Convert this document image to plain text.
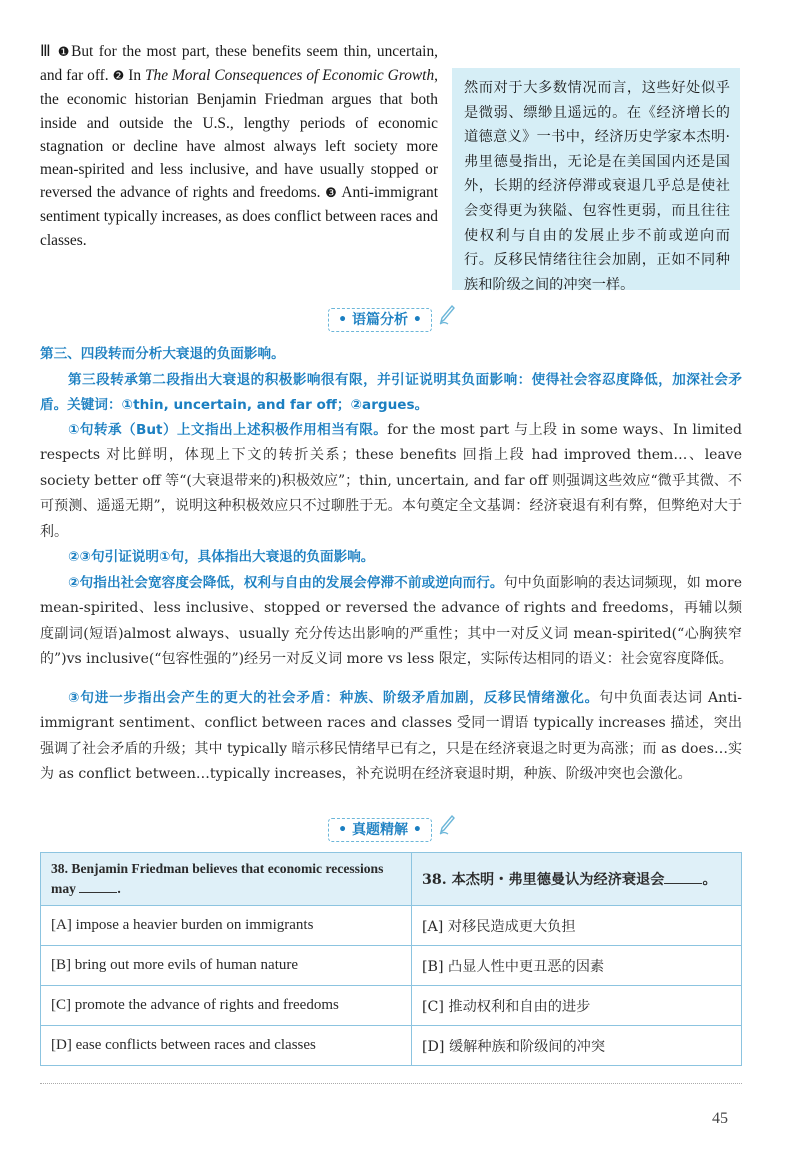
Ⅲ ❶But for the most part, these benefits seem thin, uncertain, and far off. ❷ In The Moral Consequences of Economic Growth, the economic historian Benjamin Friedman argues that both inside and outside the U.S., lengthy periods of economic stagnation or decline have almost always left society more mean-spirited and less inclusive, and have usually stopped or reversed the advance of rights and freedoms. ❸ Anti-immigrant sentiment typically increases, as does conflict between races and classes.
然而对于大多数情况而言，这些好处似乎是微弱、缥缈且遥远的。在《经济增长的道德意义》一书中，经济历史学家本杰明·弗里德曼指出，无论是在美国国内还是国外，长期的经济停滞或衰退几乎总是使社会变得更为狭隘、包容性更弱，而且往往使权利与自由的发展止步不前或逆向而行。反移民情绪往往会加剧，正如不同种族和阶级之间的冲突一样。
• 语篇分析 •
第三、四段转而分析大衰退的负面影响。
第三段转承第二段指出大衰退的积极影响很有限，并引证说明其负面影响：使得社会容忍度降低，加深社会矛盾。关键词：①thin, uncertain, and far off；②argues。
①句转承（But）上文指出上述积极作用相当有限。for the most part 与上段 in some ways、In limited respects 对比鲜明，体现上下文的转折关系；these benefits 回指上段 had improved them…、leave society better off 等“(大衰退带来的)积极效应”；thin, uncertain, and far off 则强调这些效应“微乎其微、不可预测、遥遥无期”，说明这种积极效应只不过聊胜于无。本句奠定全文基调：经济衰退有利有弊，但弊绝对大于利。
②③句引证说明①句，具体指出大衰退的负面影响。
②句指出社会宽容度会降低，权利与自由的发展会停滞不前或逆向而行。句中负面影响的表达词频现，如 more mean-spirited、less inclusive、stopped or reversed the advance of rights and freedoms，再辅以频度副词(短语)almost always、usually 充分传达出影响的严重性；其中一对反义词 mean-spirited(“心胸狭窄的”)vs inclusive(“包容性强的”)经另一对反义词 more vs less 限定，实际传达相同的语义：社会宽容度降低。
③句进一步指出会产生的更大的社会矛盾：种族、阶级矛盾加剧，反移民情绪激化。句中负面表达词 Anti-immigrant sentiment、conflict between races and classes 受同一谓语 typically increases 描述，突出强调了社会矛盾的升级；其中 typically 暗示移民情绪早已有之，只是在经济衰退之时更为高涨；而 as does…实为 as conflict between…typically increases，补充说明在经济衰退时期，种族、阶级冲突也会激化。
• 真题精解 •
38. Benjamin Friedman believes that economic recessions may .	38. 本杰明・弗里德曼认为经济衰退会 。
[A] impose a heavier burden on immigrants	[A] 对移民造成更大负担
[B] bring out more evils of human nature	[B] 凸显人性中更丑恶的因素
[C] promote the advance of rights and freedoms	[C] 推动权利和自由的进步
[D] ease conflicts between races and classes	[D] 缓解种族和阶级间的冲突
45
